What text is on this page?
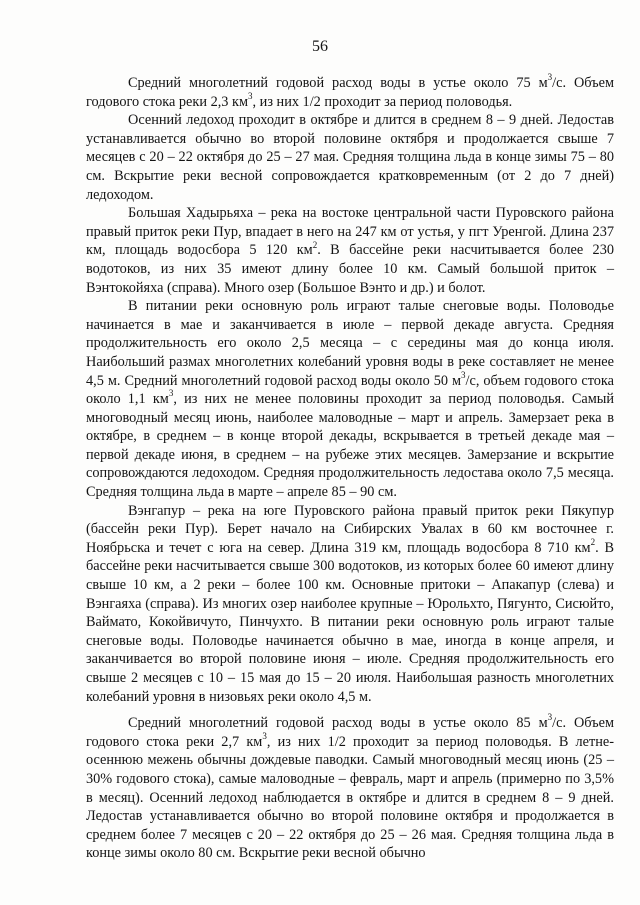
56

Средний многолетний годовой расход воды в устье около 75 $м^3/с$. Объем годового стока реки 2,3 $км^3$, из них 1/2 проходит за период половодья.

Осенний ледоход проходит в октябре и длится в среднем 8 – 9 дней. Ледостав устанавливается обычно во второй половине октября и продолжается свыше 7 месяцев с 20 – 22 октября до 25 – 27 мая. Средняя толщина льда в конце зимы 75 – 80 см. Вскрытие реки весной сопровождается кратковременным (от 2 до 7 дней) ледоходом.

Большая Хадырьяха – река на востоке центральной части Пуровского района правый приток реки Пур, впадает в него на 247 км от устья, у пгт Уренгой. Длина 237 км, площадь водосбора 5 120 $км^2$. В бассейне реки насчитывается более 230 водотоков, из них 35 имеют длину более 10 км. Самый большой приток – Вэнтокойяха (справа). Много озер (Большое Вэнто и др.) и болот.

В питании реки основную роль играют талые снеговые воды. Половодье начинается в мае и заканчивается в июле – первой декаде августа. Средняя продолжительность его около 2,5 месяца – с середины мая до конца июля. Наибольший размах многолетних колебаний уровня воды в реке составляет не менее 4,5 м. Средний многолетний годовой расход воды около 50 $м^3/с$, объем годового стока около 1,1 $км^3$, из них не менее половины проходит за период половодья. Самый многоводный месяц июнь, наиболее маловодные – март и апрель. Замерзает река в октябре, в среднем – в конце второй декады, вскрывается в третьей декаде мая – первой декаде июня, в среднем – на рубеже этих месяцев. Замерзание и вскрытие сопровождаются ледоходом. Средняя продолжительность ледостава около 7,5 месяца. Средняя толщина льда в марте – апреле 85 – 90 см.

Вэнгапур – река на юге Пуровского района правый приток реки Пякупур (бассейн реки Пур). Берет начало на Сибирских Увалах в 60 км восточнее г. Ноябрьска и течет с юга на север. Длина 319 км, площадь водосбора 8 710 $км^2$. В бассейне реки насчитывается свыше 300 водотоков, из которых более 60 имеют длину свыше 10 км, а 2 реки – более 100 км. Основные притоки – Апакапур (слева) и Вэнгаяха (справа). Из многих озер наиболее крупные – Юрольхто, Пягунто, Сисюйто, Ваймато, Кокойвичуто, Пинчухто. В питании реки основную роль играют талые снеговые воды. Половодье начинается обычно в мае, иногда в конце апреля, и заканчивается во второй половине июня – июле. Средняя продолжительность его свыше 2 месяцев с 10 – 15 мая до 15 – 20 июля. Наибольшая разность многолетних колебаний уровня в низовьях реки около 4,5 м.

Средний многолетний годовой расход воды в устье около 85 $м^3/с$. Объем годового стока реки 2,7 $км^3$, из них 1/2 проходит за период половодья. В летне-осеннюю межень обычны дождевые паводки. Самый многоводный месяц июнь (25 – 30% годового стока), самые маловодные – февраль, март и апрель (примерно по 3,5% в месяц). Осенний ледоход наблюдается в октябре и длится в среднем 8 – 9 дней. Ледостав устанавливается обычно во второй половине октября и продолжается в среднем более 7 месяцев с 20 – 22 октября до 25 – 26 мая. Средняя толщина льда в конце зимы около 80 см. Вскрытие реки весной обычно
